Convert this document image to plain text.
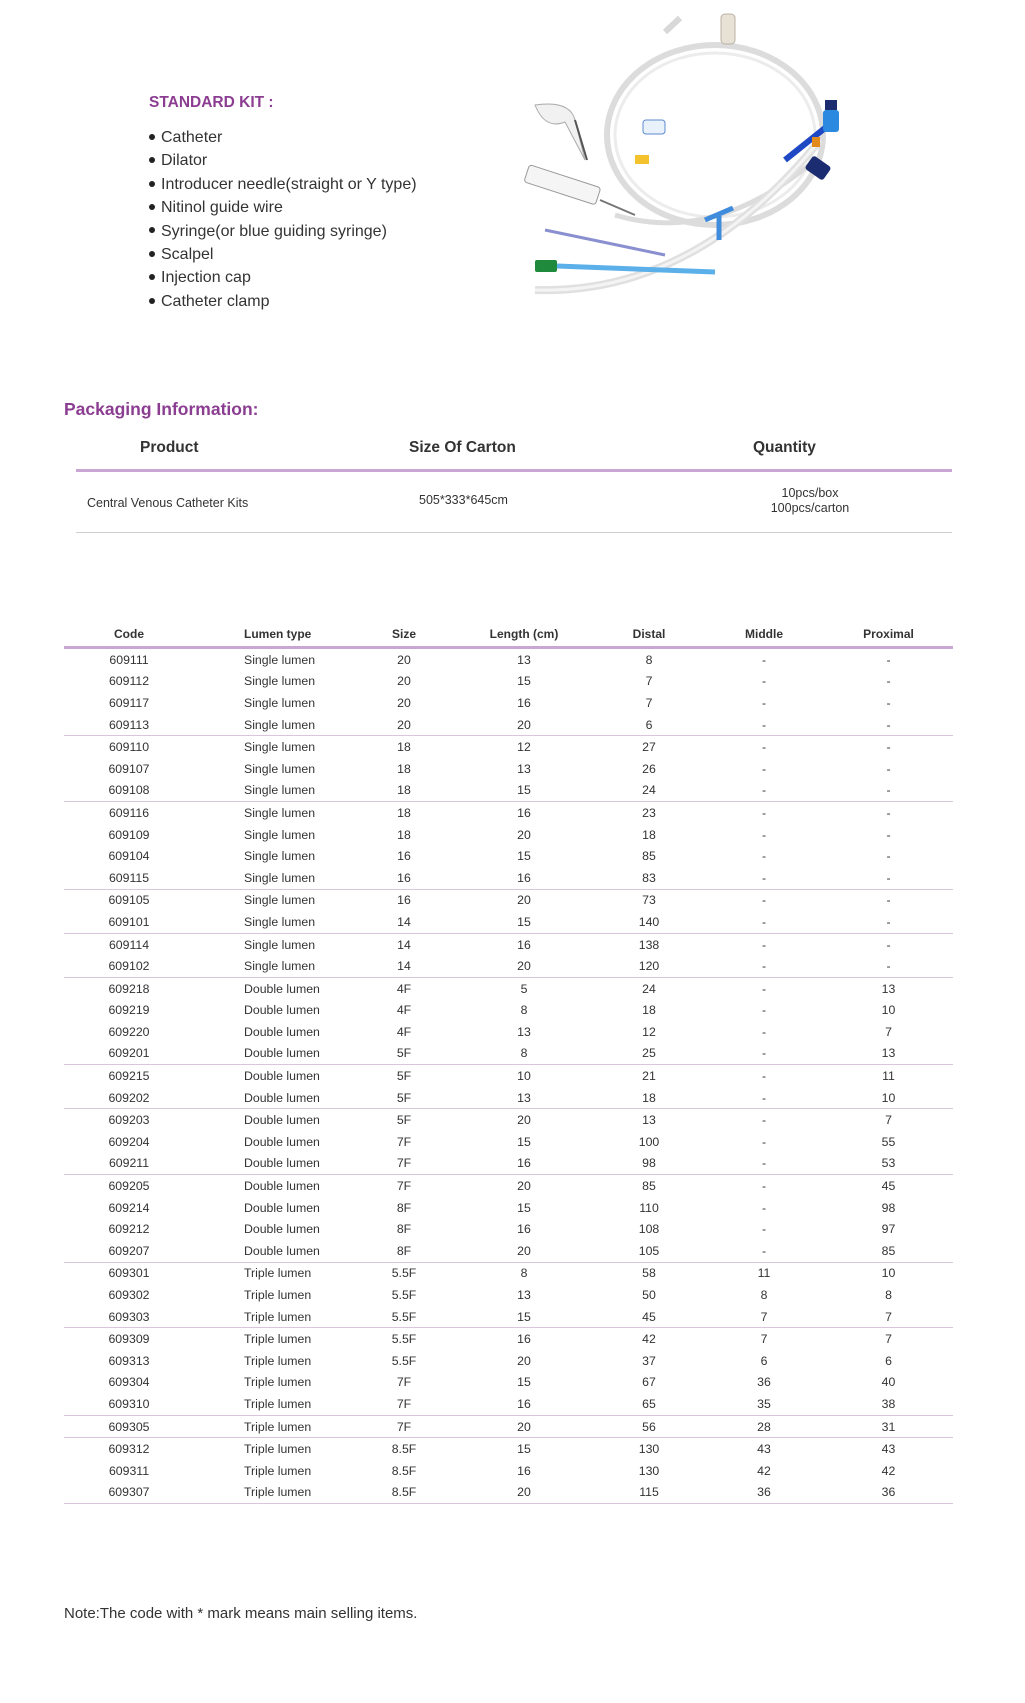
STANDARD KIT :

Catheter
Dilator
Introducer needle(straight or Y type)
Nitinol guide wire
Syringe(or blue guiding syringe)
Scalpel
Injection cap
Catheter clamp

Packaging Information:

Product	Size Of Carton	Quantity
Central Venous Catheter Kits	505*333*645cm	10pcs/box
100pcs/carton
Code	Lumen type	Size	Length (cm)	Distal	Middle	Proximal
609111	Single lumen	20	13	8	-	-
609112	Single lumen	20	15	7	-	-
609117	Single lumen	20	16	7	-	-
609113	Single lumen	20	20	6	-	-
609110	Single lumen	18	12	27	-	-
609107	Single lumen	18	13	26	-	-
609108	Single lumen	18	15	24	-	-
609116	Single lumen	18	16	23	-	-
609109	Single lumen	18	20	18	-	-
609104	Single lumen	16	15	85	-	-
609115	Single lumen	16	16	83	-	-
609105	Single lumen	16	20	73	-	-
609101	Single lumen	14	15	140	-	-
609114	Single lumen	14	16	138	-	-
609102	Single lumen	14	20	120	-	-
609218	Double lumen	4F	5	24	-	13
609219	Double lumen	4F	8	18	-	10
609220	Double lumen	4F	13	12	-	7
609201	Double lumen	5F	8	25	-	13
609215	Double lumen	5F	10	21	-	11
609202	Double lumen	5F	13	18	-	10
609203	Double lumen	5F	20	13	-	7
609204	Double lumen	7F	15	100	-	55
609211	Double lumen	7F	16	98	-	53
609205	Double lumen	7F	20	85	-	45
609214	Double lumen	8F	15	110	-	98
609212	Double lumen	8F	16	108	-	97
609207	Double lumen	8F	20	105	-	85
609301	Triple lumen	5.5F	8	58	11	10
609302	Triple lumen	5.5F	13	50	8	8
609303	Triple lumen	5.5F	15	45	7	7
609309	Triple lumen	5.5F	16	42	7	7
609313	Triple lumen	5.5F	20	37	6	6
609304	Triple lumen	7F	15	67	36	40
609310	Triple lumen	7F	16	65	35	38
609305	Triple lumen	7F	20	56	28	31
609312	Triple lumen	8.5F	15	130	43	43
609311	Triple lumen	8.5F	16	130	42	42
609307	Triple lumen	8.5F	20	115	36	36

Note:The code with * mark means main selling items.
